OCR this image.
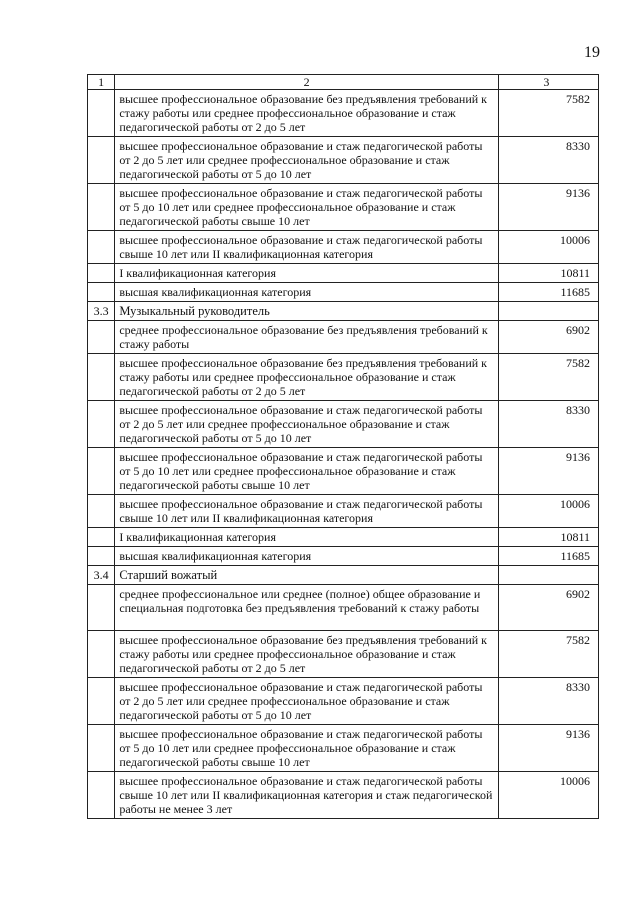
19
1	2	3
	высшее профессиональное образование без предъявления требований к стажу работы или среднее профессиональное образование и стаж педагогической работы от 2 до 5 лет	7582
	высшее профессиональное образование и стаж педагогической работы от 2 до 5 лет или среднее профессиональное образование и стаж педагогической работы от 5 до 10 лет	8330
	высшее профессиональное образование и стаж педагогической работы от 5 до 10 лет или среднее профессиональное образование и стаж педагогической работы свыше 10 лет	9136
	высшее профессиональное образование и стаж педагогической работы свыше 10 лет или II квалификационная категория	10006
	I квалификационная категория	10811
	высшая квалификационная категория	11685
3.3	Музыкальный руководитель	
	среднее профессиональное образование без предъявления требований к стажу работы	6902
	высшее профессиональное образование без предъявления требований к стажу работы или среднее профессиональное образование и стаж педагогической работы от 2 до 5 лет	7582
	высшее профессиональное образование и стаж педагогической работы от 2 до 5 лет или среднее профессиональное образование и стаж педагогической работы от 5 до 10 лет	8330
	высшее профессиональное образование и стаж педагогической работы от 5 до 10 лет или среднее профессиональное образование и стаж педагогической работы свыше 10 лет	9136
	высшее профессиональное образование и стаж педагогической работы свыше 10 лет или II квалификационная категория	10006
	I квалификационная категория	10811
	высшая квалификационная категория	11685
3.4	Старший вожатый	
	среднее профессиональное или среднее (полное) общее образование и специальная подготовка без предъявления требований к стажу работы	6902
	высшее профессиональное образование без предъявления требований к стажу работы или среднее профессиональное образование и стаж педагогической работы от 2 до 5 лет	7582
	высшее профессиональное образование и стаж педагогической работы от 2 до 5 лет или среднее профессиональное образование и стаж педагогической работы от 5 до 10 лет	8330
	высшее профессиональное образование и стаж педагогической работы от 5 до 10 лет или среднее профессиональное образование и стаж педагогической работы свыше 10 лет	9136
	высшее профессиональное образование и стаж педагогической работы свыше 10 лет или II квалификационная категория и стаж педагогической работы не менее 3 лет	10006
